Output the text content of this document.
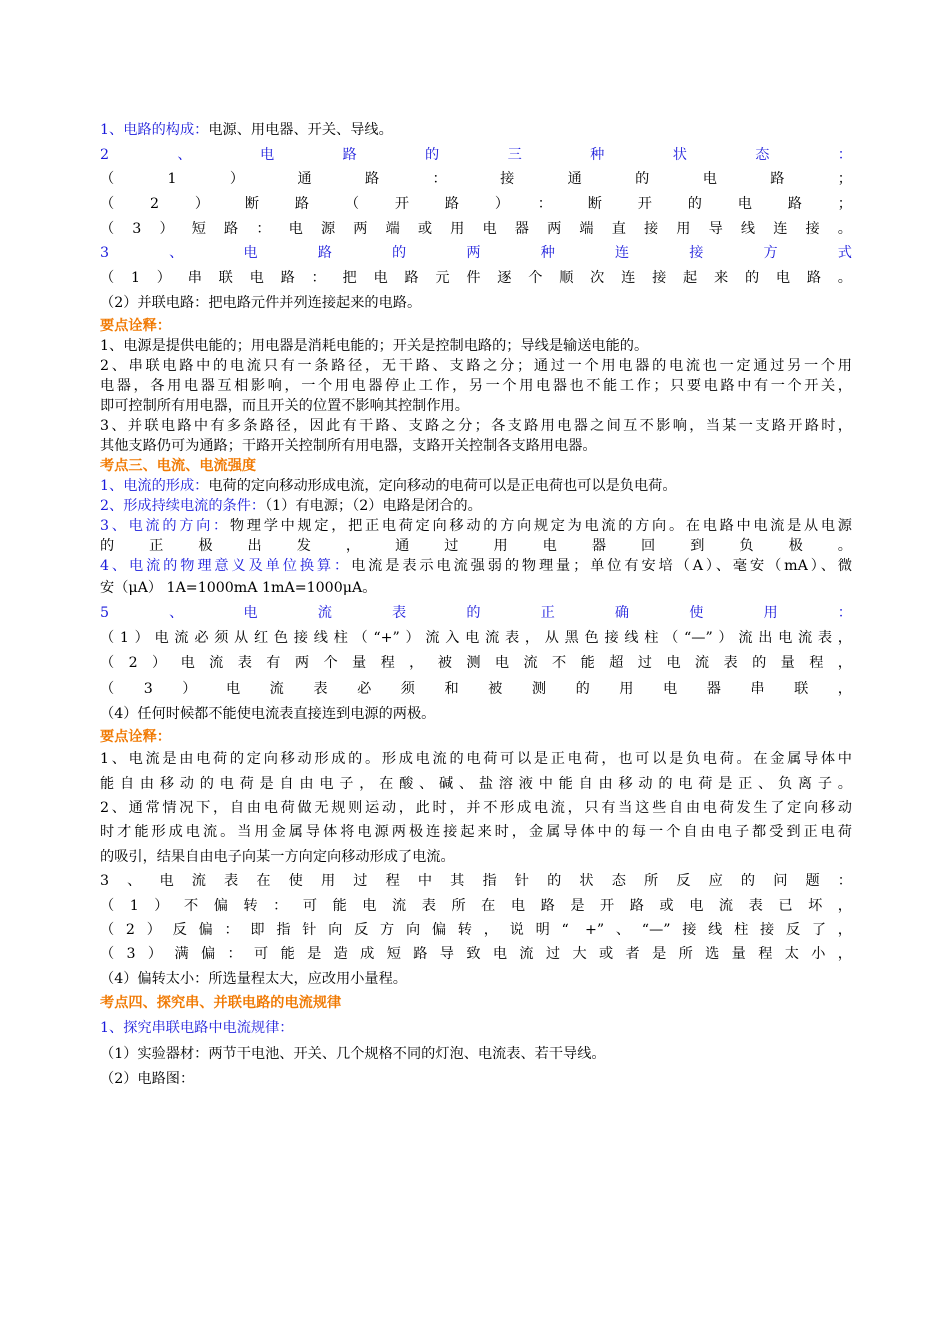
1、电路的构成：电源、用电器、开关、导线。
2、电路的三种状态：
（1）通路：接通的电路；
（2）断路（开路）：断开的电路；
（3）短路：电源两端或用电器两端直接用导线连接。
3、电路的两种连接方式
（1）串联电路：把电路元件逐个顺次连接起来的电路。
（2）并联电路：把电路元件并列连接起来的电路。
要点诠释：
1、电源是提供电能的；用电器是消耗电能的；开关是控制电路的；导线是输送电能的。
2、串联电路中的电流只有一条路径，无干路、支路之分；通过一个用电器的电流也一定通过另一个用
电器，各用电器互相影响，一个用电器停止工作，另一个用电器也不能工作；只要电路中有一个开关，
即可控制所有用电器，而且开关的位置不影响其控制作用。
3、并联电路中有多条路径，因此有干路、支路之分；各支路用电器之间互不影响，当某一支路开路时，
其他支路仍可为通路；干路开关控制所有用电器，支路开关控制各支路用电器。
考点三、电流、电流强度
1、电流的形成：电荷的定向移动形成电流，定向移动的电荷可以是正电荷也可以是负电荷。
2、形成持续电流的条件：（1）有电源；（2）电路是闭合的。
3、电流的方向：物理学中规定，把正电荷定向移动的方向规定为电流的方向。在电路中电流是从电源
的正极出发，通过用电器回到负极。
4、电流的物理意义及单位换算：电流是表示电流强弱的物理量；单位有安培（A）、毫安（mA）、微
安（μA） 1A=1000mA 1mA=1000μA。
5、电流表的正确使用：
（1）电流必须从红色接线柱（“+”）流入电流表，从黑色接线柱（“—”）流出电流表，
（2）电流表有两个量程，被测电流不能超过电流表的量程，
（3）电流表必须和被测的用电器串联，
（4）任何时候都不能使电流表直接连到电源的两极。
要点诠释：
1、电流是由电荷的定向移动形成的。形成电流的电荷可以是正电荷，也可以是负电荷。在金属导体中
能自由移动的电荷是自由电子，在酸、碱、盐溶液中能自由移动的电荷是正、负离子。
2、通常情况下，自由电荷做无规则运动，此时，并不形成电流，只有当这些自由电荷发生了定向移动
时才能形成电流。当用金属导体将电源两极连接起来时，金属导体中的每一个自由电子都受到正电荷
的吸引，结果自由电子向某一方向定向移动形成了电流。
3、电流表在使用过程中其指针的状态所反应的问题：
（1）不偏转：可能电流表所在电路是开路或电流表已坏，
（2）反偏：即指针向反方向偏转，说明“ +”、“—”接线柱接反了，
（3）满偏：可能是造成短路导致电流过大或者是所选量程太小，
（4）偏转太小：所选量程太大，应改用小量程。
考点四、探究串、并联电路的电流规律
1、探究串联电路中电流规律：
（1）实验器材：两节干电池、开关、几个规格不同的灯泡、电流表、若干导线。
（2）电路图：
